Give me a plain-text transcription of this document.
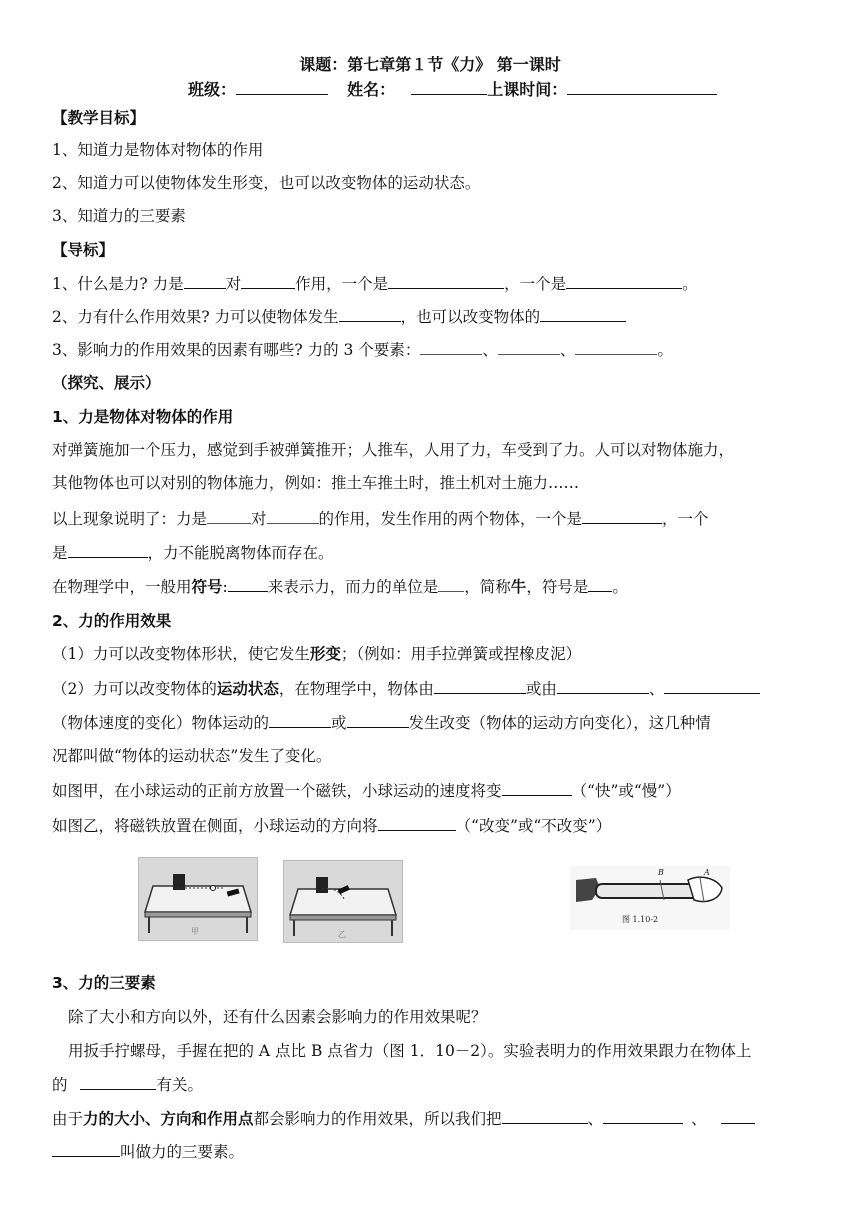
课题：第七章第１节《力》 第一课时
班级：	姓名：	上课时间：
【教学目标】
1、知道力是物体对物体的作用
2、知道力可以使物体发生形变，也可以改变物体的运动状态。
3、知道力的三要素
【导标】
1、什么是力? 力是	对	作用，一个是	，一个是	。
2、力有什么作用效果? 力可以使物体发生	，也可以改变物体的
3、影响力的作用效果的因素有哪些? 力的 3 个要素：	、	、	。
（探究、展示）
1、力是物体对物体的作用
对弹簧施加一个压力，感觉到手被弹簧推开；人推车，人用了力，车受到了力。人可以对物体施力，
其他物体也可以对别的物体施力，例如：推土车推土时，推土机对土施力……
以上现象说明了：力是	对	的作用，发生作用的两个物体，一个是	，一个
是	，力不能脱离物体而存在。
在物理学中，一般用符号:	来表示力，而力的单位是 ，简称牛，符号是 。
2、力的作用效果
（1）力可以改变物体形状，使它发生形变；（例如：用手拉弹簧或捏橡皮泥）
（2）力可以改变物体的运动状态，在物理学中，物体由	或由	、
（物体速度的变化）物体运动的	或	发生改变（物体的运动方向变化），这几种情
况都叫做“物体的运动状态”发生了变化。
如图甲，在小球运动的正前方放置一个磁铁，小球运动的速度将变	（“快”或“慢”）
如图乙，将磁铁放置在侧面，小球运动的方向将	（“改变”或“不改变”）
甲	乙
B	A
图 1.10-2
3、力的三要素
除了大小和方向以外，还有什么因素会影响力的作用效果呢？
用扳手拧螺母，手握在把的 A 点比 B 点省力（图 1．10－2）。实验表明力的作用效果跟力在物体上
的	有关。
由于力的大小、方向和作用点都会影响力的作用效果，所以我们把	、	、
叫做力的三要素。
